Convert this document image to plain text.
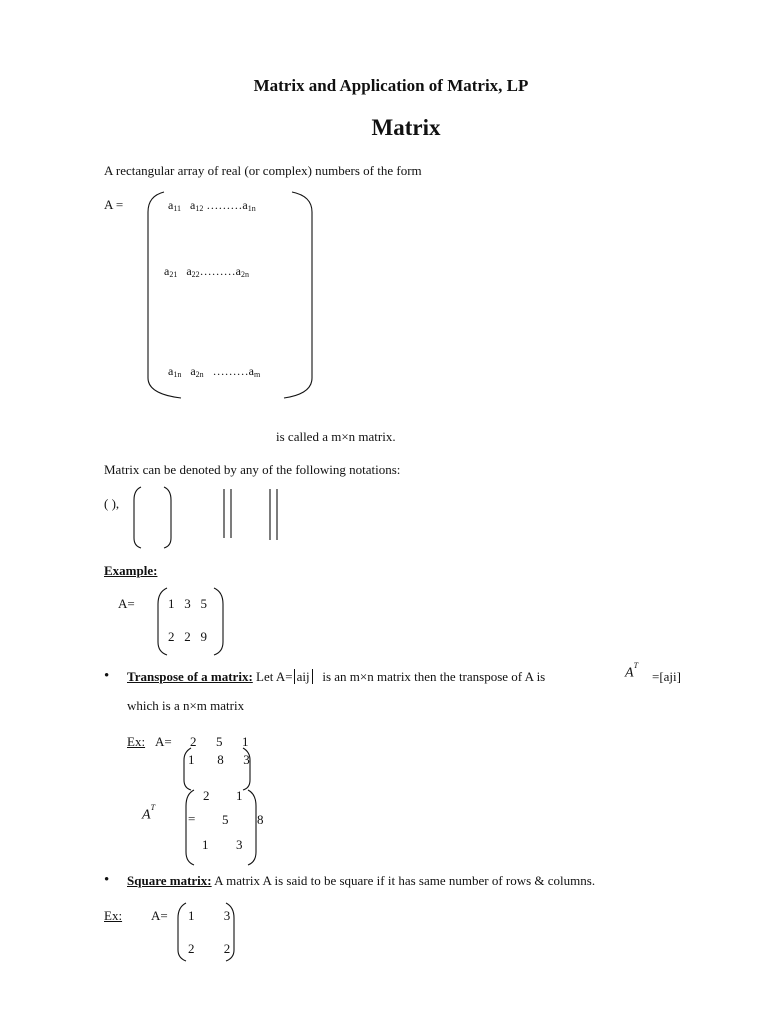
Matrix and Application of Matrix, LP
Matrix
A rectangular array of real (or complex) numbers of the form
A =	$a_{11}$ $a_{12}$ $\dots\dots\dots a_{1n}$
$a_{21}$ $a_{22}\dots\dots\dots a_{2n}$
$a_{1n}$ $a_{2n}$ $\dots\dots\dots a_m$
is called a m×n matrix.
Matrix can be denoted by any of the following notations:
( ),
Example:
A=	1 3 5
2 2 9
• Transpose of a matrix: Let A= aij is an m×n matrix then the transpose of A is	$A^T$
=[aji]
which is a n×m matrix
Ex: A= 2 5 1
1 8 3
$A^T$
2 1
= 5 8
1 3
• Square matrix: A matrix A is said to be square if it has same number of rows & columns.
Ex: A= 1 3
2 2
